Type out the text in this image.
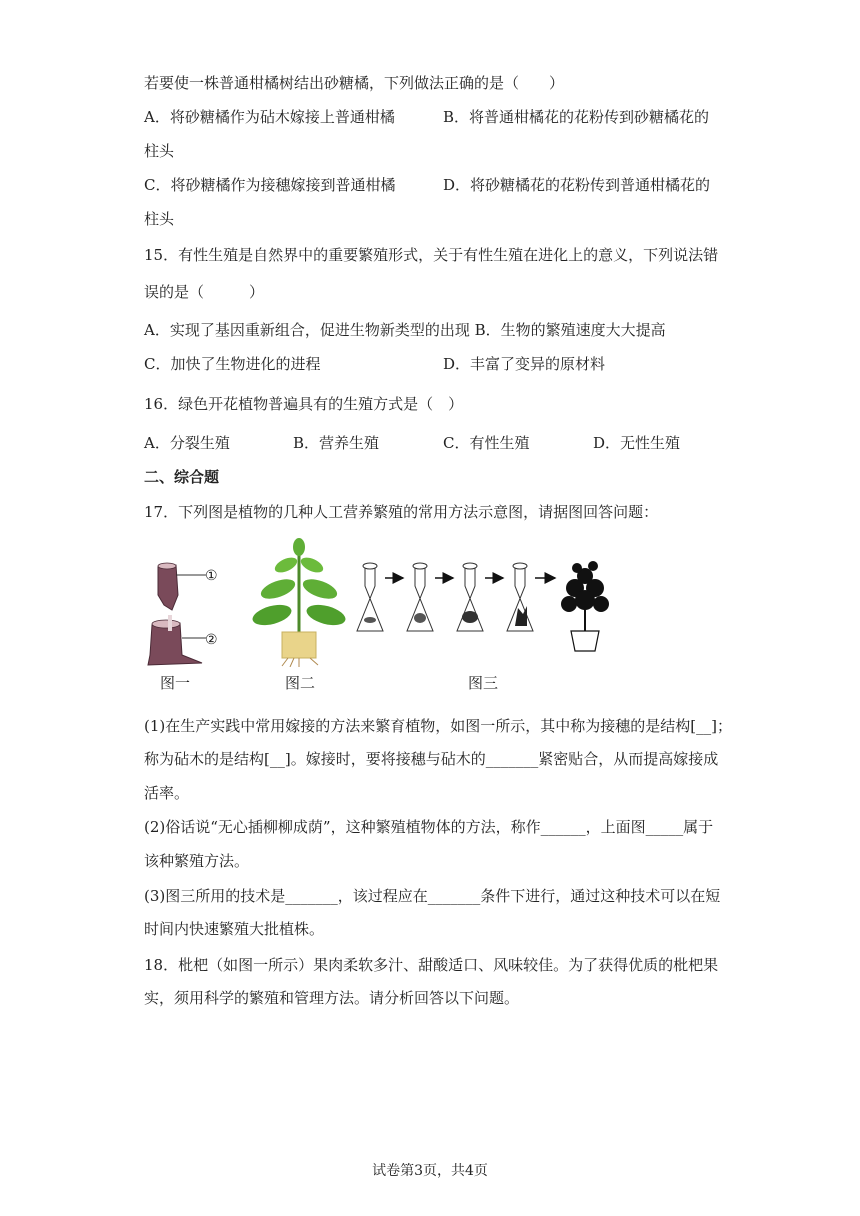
若要使一株普通柑橘树结出砂糖橘，下列做法正确的是（　　）
A．将砂糖橘作为砧木嫁接上普通柑橘	B．将普通柑橘花的花粉传到砂糖橘花的
柱头
C．将砂糖橘作为接穗嫁接到普通柑橘	D．将砂糖橘花的花粉传到普通柑橘花的
柱头
15．有性生殖是自然界中的重要繁殖形式，关于有性生殖在进化上的意义，下列说法错
误的是（　　　）
A．实现了基因重新组合，促进生物新类型的出现 B．生物的繁殖速度大大提高
C．加快了生物进化的进程	D．丰富了变异的原材料
16．绿色开花植物普遍具有的生殖方式是（　）
A．分裂生殖	B．营养生殖	C．有性生殖	D．无性生殖
二、综合题
17．下列图是植物的几种人工营养繁殖的常用方法示意图，请据图回答问题：
①
②
图一	图二	图三
(1)在生产实践中常用嫁接的方法来繁育植物，如图一所示，其中称为接穗的是结构[__]；
称为砧木的是结构[__]。嫁接时，要将接穗与砧木的_______紧密贴合，从而提高嫁接成
活率。
(2)俗话说“无心插柳柳成荫”，这种繁殖植物体的方法，称作______，上面图_____属于
该种繁殖方法。
(3)图三所用的技术是_______，该过程应在_______条件下进行，通过这种技术可以在短
时间内快速繁殖大批植株。
18．枇杷（如图一所示）果肉柔软多汁、甜酸适口、风味较佳。为了获得优质的枇杷果
实，须用科学的繁殖和管理方法。请分析回答以下问题。
试卷第3页，共4页
